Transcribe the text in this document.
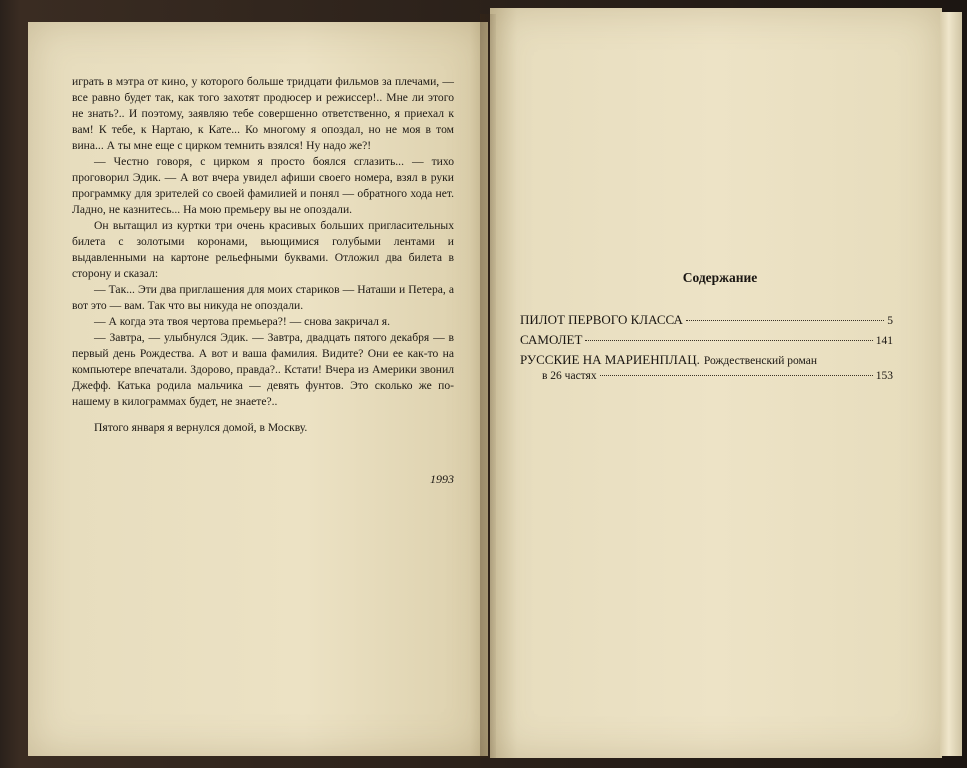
играть в мэтра от кино, у которого больше тридцати фильмов за плечами, — все равно будет так, как того захотят продюсер и режиссер!.. Мне ли этого не знать?.. И поэтому, заявляю тебе совершенно ответственно, я приехал к вам! К тебе, к Нартаю, к Кате... Ко многому я опоздал, но не моя в том вина... А ты мне еще с цирком темнить взялся! Ну надо же?!

— Честно говоря, с цирком я просто боялся сглазить... — тихо проговорил Эдик. — А вот вчера увидел афиши своего номера, взял в руки программку для зрителей со своей фамилией и понял — обратного хода нет. Ладно, не казнитесь... На мою премьеру вы не опоздали.

Он вытащил из куртки три очень красивых больших пригласительных билета с золотыми коронами, вьющимися голубыми лентами и выдавленными на картоне рельефными буквами. Отложил два билета в сторону и сказал:

— Так... Эти два приглашения для моих стариков — Наташи и Петера, а вот это — вам. Так что вы никуда не опоздали.

— А когда эта твоя чертова премьера?! — снова закричал я.

— Завтра, — улыбнулся Эдик. — Завтра, двадцать пятого декабря — в первый день Рождества. А вот и ваша фамилия. Видите? Они ее как-то на компьютере впечатали. Здорово, правда?.. Кстати! Вчера из Америки звонил Джефф. Катька родила мальчика — девять фунтов. Это сколько же по-нашему в килограммах будет, не знаете?..

Пятого января я вернулся домой, в Москву.

1993
Содержание
ПИЛОТ ПЕРВОГО КЛАССА	5
САМОЛЕТ	141
РУССКИЕ НА МАРИЕНПЛАЦ. Рождественский роман
в 26 частях	153
